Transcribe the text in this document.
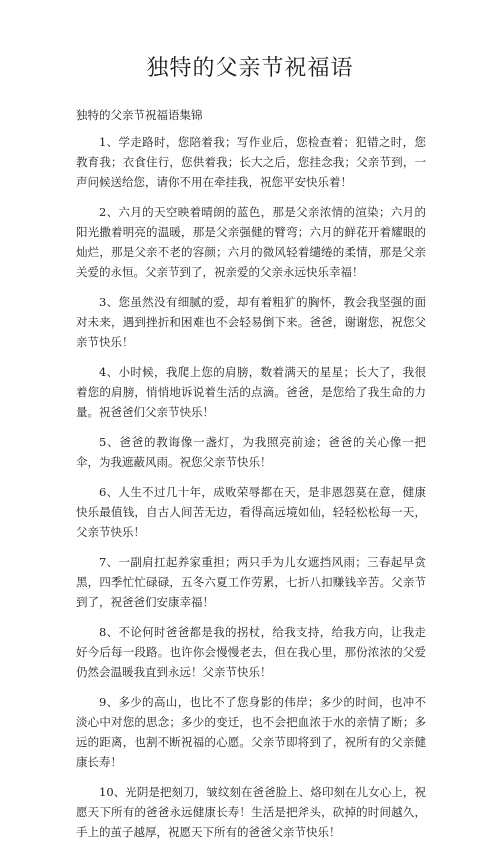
独特的父亲节祝福语
独特的父亲节祝福语集锦

1、学走路时，您陪着我；写作业后，您检查着；犯错之时，您教育我；衣食住行，您供着我；长大之后，您挂念我；父亲节到，一声问候送给您，请你不用在牵挂我，祝您平安快乐着！

2、六月的天空映着晴朗的蓝色，那是父亲浓情的渲染；六月的阳光撒着明亮的温暖，那是父亲强健的臂弯；六月的鲜花开着耀眼的灿烂，那是父亲不老的容颜；六月的微风轻着缱绻的柔情，那是父亲关爱的永恒。父亲节到了，祝亲爱的父亲永远快乐幸福！

3、您虽然没有细腻的爱，却有着粗犷的胸怀，教会我坚强的面对未来，遇到挫折和困难也不会轻易倒下来。爸爸，谢谢您，祝您父亲节快乐！

4、小时候，我爬上您的肩膀，数着满天的星星；长大了，我很着您的肩膀，悄悄地诉说着生活的点滴。爸爸，是您给了我生命的力量。祝爸爸们父亲节快乐！

5、爸爸的教诲像一盏灯，为我照亮前途；爸爸的关心像一把伞，为我遮蔽风雨。祝您父亲节快乐！

6、人生不过几十年，成败荣辱都在天，是非恩怨莫在意，健康快乐最值钱，自古人间苦无边，看得高远境如仙，轻轻松松每一天，父亲节快乐！

7、一副肩扛起养家重担；两只手为儿女遮挡风雨；三春起早贪黑，四季忙忙碌碌，五冬六夏工作劳累，七折八扣赚钱辛苦。父亲节到了，祝爸爸们安康幸福！

8、不论何时爸爸都是我的拐杖，给我支持，给我方向，让我走好今后每一段路。也许你会慢慢老去，但在我心里，那份浓浓的父爱仍然会温暖我直到永远！父亲节快乐！

9、多少的高山，也比不了您身影的伟岸；多少的时间，也冲不淡心中对您的思念；多少的变迁，也不会把血浓于水的亲情了断；多远的距离，也割不断祝福的心愿。父亲节即将到了，祝所有的父亲健康长寿！

10、光阴是把刻刀，皱纹刻在爸爸脸上、烙印刻在儿女心上，祝愿天下所有的爸爸永远健康长寿！生活是把斧头，砍掉的时间越久，手上的茧子越厚，祝愿天下所有的爸爸父亲节快乐！
